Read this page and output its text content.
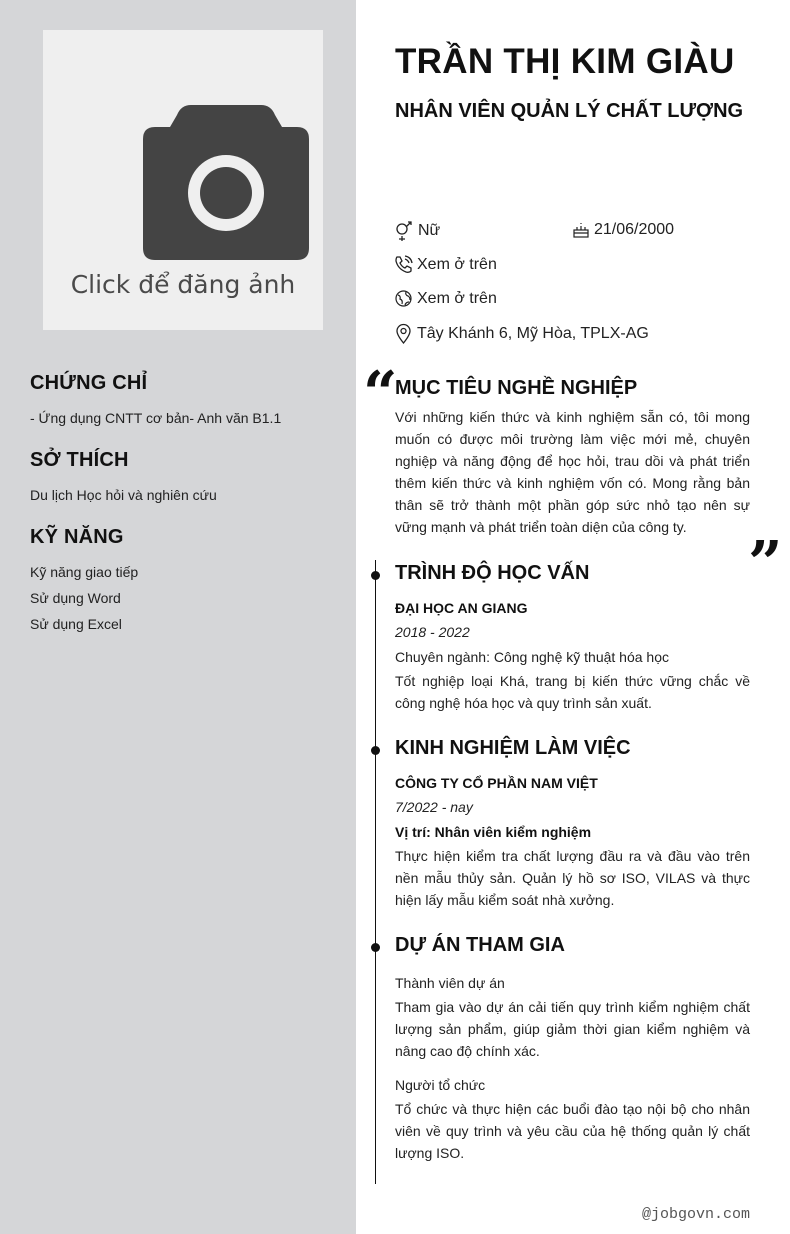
Click để đăng ảnh
CHỨNG CHỈ
- Ứng dụng CNTT cơ bản- Anh văn B1.1
SỞ THÍCH
Du lịch Học hỏi và nghiên cứu
KỸ NĂNG
Kỹ năng giao tiếp
Sử dụng Word
Sử dụng Excel
TRẦN THỊ KIM GIÀU
NHÂN VIÊN QUẢN LÝ CHẤT LƯỢNG
Nữ	21/06/2000
Xem ở trên
Xem ở trên
Tây Khánh 6, Mỹ Hòa, TPLX-AG
“
MỤC TIÊU NGHỀ NGHIỆP
Với những kiến thức và kinh nghiệm sẵn có, tôi mong muốn có được môi trường làm việc mới mẻ, chuyên nghiệp và năng động để học hỏi, trau dồi và phát triển thêm kiến thức và kinh nghiệm vốn có. Mong rằng bản thân sẽ trở thành một phần góp sức nhỏ tạo nên sự vững mạnh và phát triển toàn diện của công ty.
”
TRÌNH ĐỘ HỌC VẤN
ĐẠI HỌC AN GIANG
2018 - 2022
Chuyên ngành: Công nghệ kỹ thuật hóa học
Tốt nghiệp loại Khá, trang bị kiến thức vững chắc về công nghệ hóa học và quy trình sản xuất.
KINH NGHIỆM LÀM VIỆC
CÔNG TY CỔ PHẦN NAM VIỆT
7/2022 - nay
Vị trí: Nhân viên kiểm nghiệm
Thực hiện kiểm tra chất lượng đầu ra và đầu vào trên nền mẫu thủy sản. Quản lý hồ sơ ISO, VILAS và thực hiện lấy mẫu kiểm soát nhà xưởng.
DỰ ÁN THAM GIA
Thành viên dự án
Tham gia vào dự án cải tiến quy trình kiểm nghiệm chất lượng sản phẩm, giúp giảm thời gian kiểm nghiệm và nâng cao độ chính xác.
Người tổ chức
Tổ chức và thực hiện các buổi đào tạo nội bộ cho nhân viên về quy trình và yêu cầu của hệ thống quản lý chất lượng ISO.
@jobgovn.com
